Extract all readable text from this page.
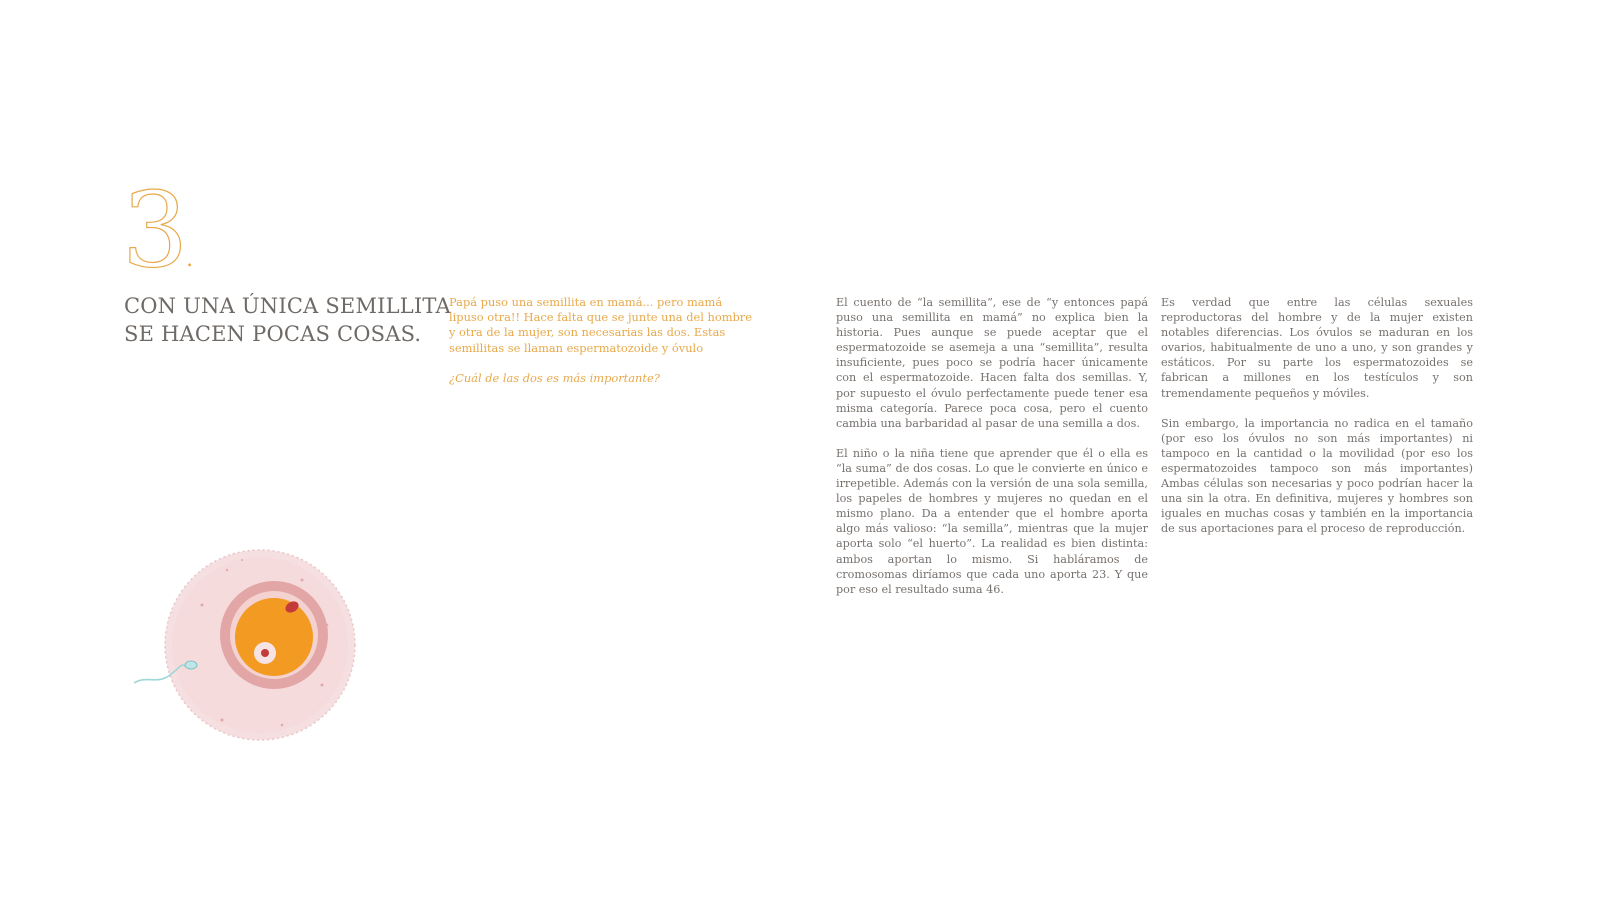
3.
CON UNA ÚNICA SEMILLITA
SE HACEN POCAS COSAS.

Papá puso una semillita en mamá... pero mamá lipuso otra!! Hace falta que se junte una del hombre y otra de la mujer, son necesarias las dos. Estas semillitas se llaman espermatozoide y óvulo

¿Cuál de las dos es más importante?

El cuento de “la semillita”, ese de “y entonces papá puso una semillita en mamá” no explica bien la historia. Pues aunque se puede aceptar que el espermatozoide se asemeja a una “semillita”, resulta insuficiente, pues poco se podría hacer únicamente con el espermatozoide. Hacen falta dos semillas. Y, por supuesto el óvulo perfectamente puede tener esa misma categoría. Parece poca cosa, pero el cuento cambia una barbaridad al pasar de una semilla a dos.

El niño o la niña tiene que aprender que él o ella es “la suma” de dos cosas. Lo que le convierte en único e irrepetible. Además con la versión de una sola semilla, los papeles de hombres y mujeres no quedan en el mismo plano. Da a entender que el hombre aporta algo más valioso: “la semilla”, mientras que la mujer aporta solo “el huerto”. La realidad es bien distinta: ambos aportan lo mismo. Si habláramos de cromosomas diríamos que cada uno aporta 23. Y que por eso el resultado suma 46.

Es verdad que entre las células sexuales reproductoras del hombre y de la mujer existen notables diferencias. Los óvulos se maduran en los ovarios, habitualmente de uno a uno, y son grandes y estáticos. Por su parte los espermatozoides se fabrican a millones en los testículos y son tremendamente pequeños y móviles.

Sin embargo, la importancia no radica en el tamaño (por eso los óvulos no son más importantes) ni tampoco en la cantidad o la movilidad (por eso los espermatozoides tampoco son más importantes) Ambas células son necesarias y poco podrían hacer la una sin la otra. En definitiva, mujeres y hombres son iguales en muchas cosas y también en la importancia de sus aportaciones para el proceso de reproducción.
